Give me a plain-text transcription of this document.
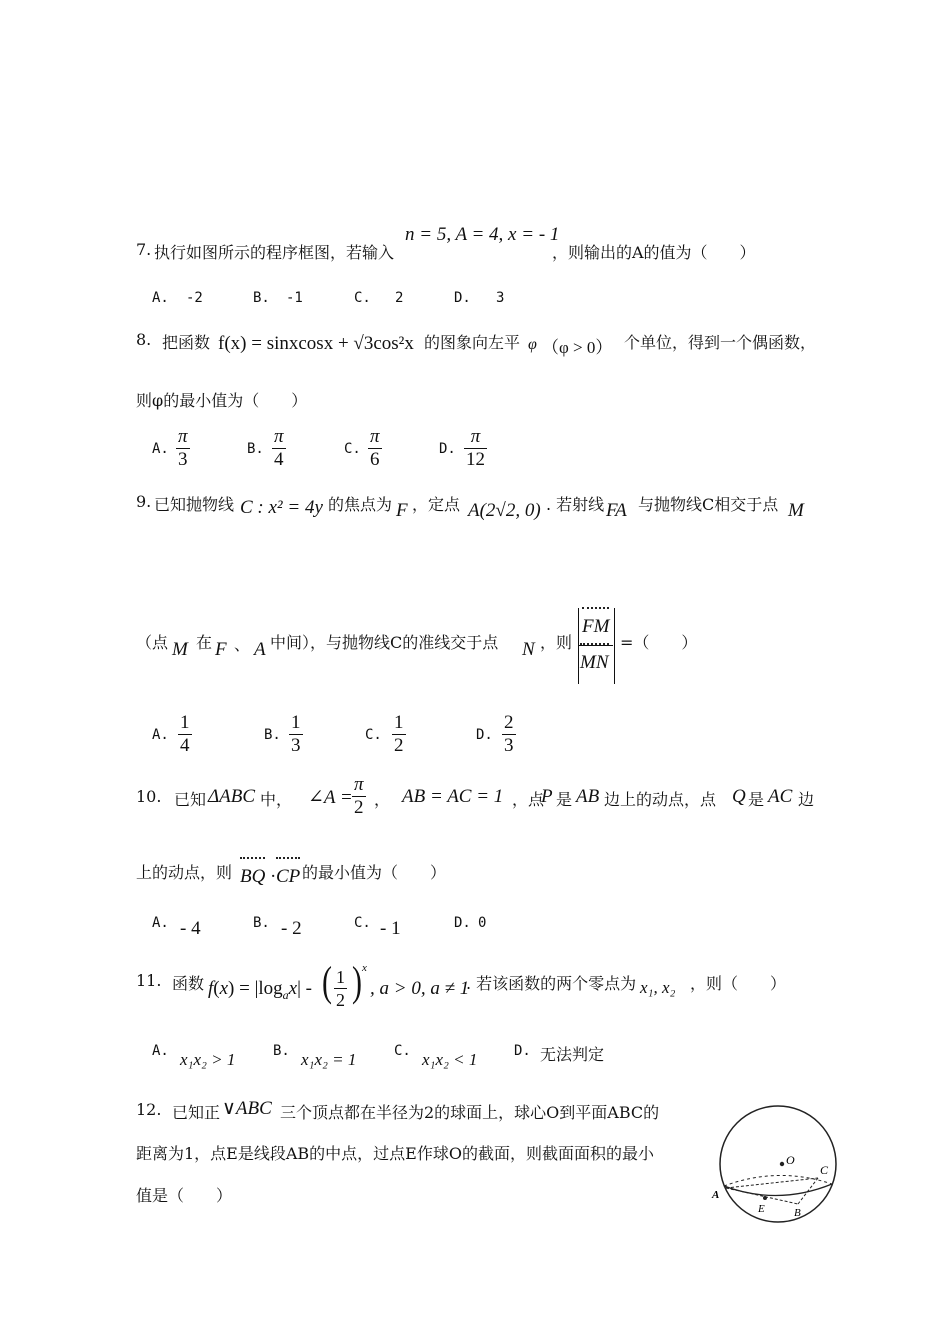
7. 执行如图所示的程序框图，若输入
n = 5, A = 4, x = - 1
，则输出的A的值为（　　）
A. -2	B. -1	C. 2	D. 3
8. 把函数 f(x) = sinxcosx + √3cos²x 的图象向左平 φ （φ > 0） 个单位，得到一个偶函数，
则φ的最小值为（　　）
A. $\frac{\pi}{3}$	B. $\frac{\pi}{4}$	C. $\frac{\pi}{6}$	D. $\frac{\pi}{12}$
9. 已知抛物线 C : x² = 4y 的焦点为 F ，定点 A(2√2, 0) . 若射线 FA 与抛物线C相交于点 M
（点 M 在 F 、 A 中间），与抛物线C的准线交于点 N ，则
FM
MN
=（　　）
A. $\frac{1}{4}$	B. $\frac{1}{3}$	C. $\frac{1}{2}$	D. $\frac{2}{3}$
10. 已知 ΔABC 中， ∠A = $\frac{\pi}{2}$ ， AB = AC = 1 ，点
P 是 AB 边上的动点，点 Q 是 AC 边
上的动点，则 BQ · CP 的最小值为（　　）
A. - 4	B. - 2	C. - 1	D. 0
11. 函数 $f(x) = |\log_ax| - \frac{1}{2}$
( ) x
, a > 0, a ≠ 1
. 若该函数的两个零点为 x₁, x₂ ，则（　　）
A. x₁x₂ > 1	B. x₁x₂ = 1	C. x₁x₂ < 1	D. 无法判定
12. 已知正 ∨ABC 三个顶点都在半径为2的球面上，球心O到平面ABC的
距离为1，点E是线段AB的中点，过点E作球O的截面，则截面面积的最小
值是（　　）
O
A
B
C
E
